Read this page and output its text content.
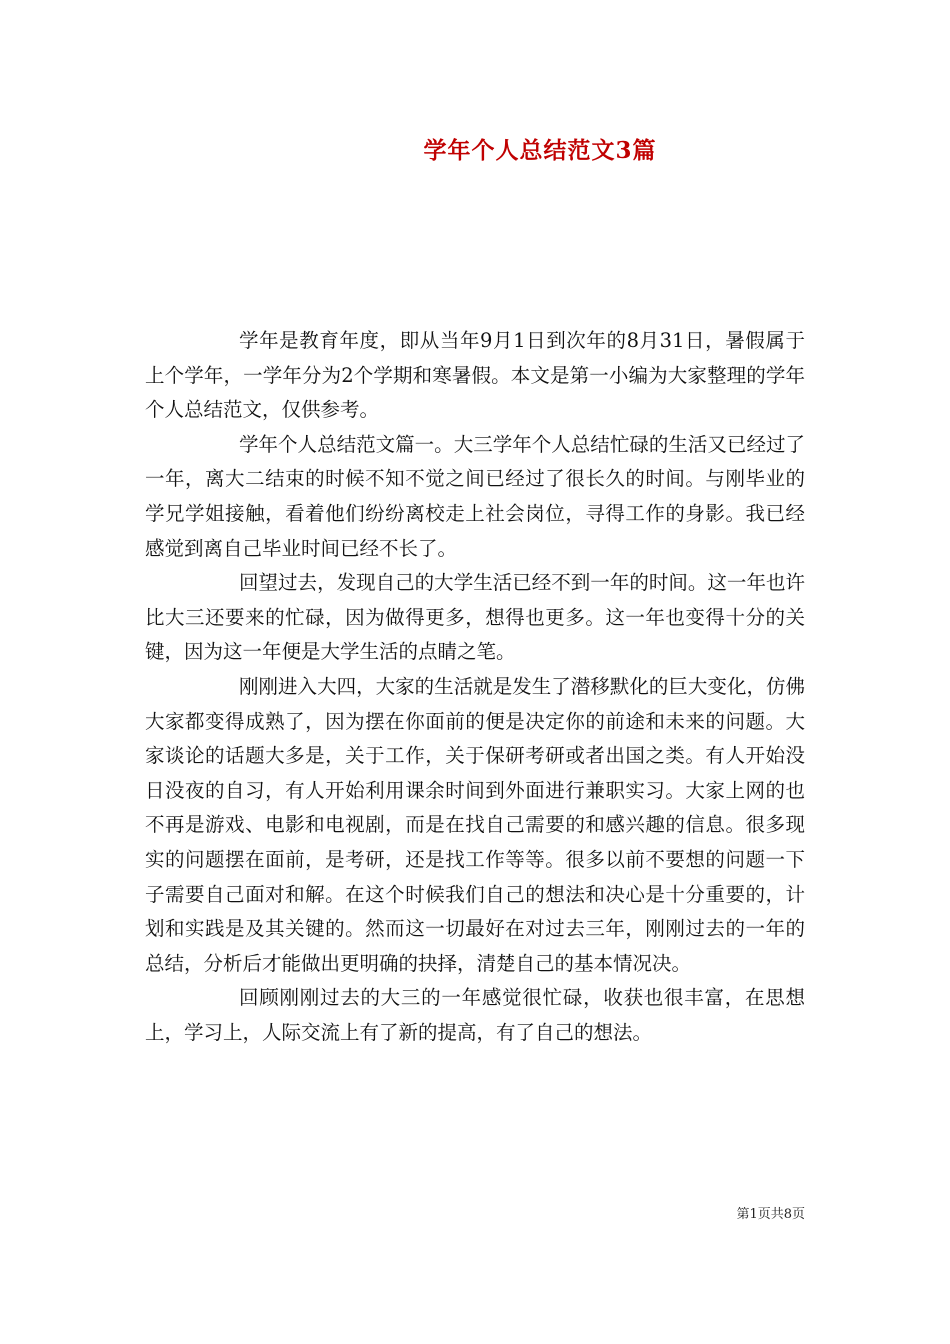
学年个人总结范文3篇

学年是教育年度，即从当年9月1日到次年的8月31日，暑假属于上个学年，一学年分为2个学期和寒暑假。本文是第一小编为大家整理的学年个人总结范文，仅供参考。

学年个人总结范文篇一。大三学年个人总结忙碌的生活又已经过了一年，离大二结束的时候不知不觉之间已经过了很长久的时间。与刚毕业的学兄学姐接触，看着他们纷纷离校走上社会岗位，寻得工作的身影。我已经感觉到离自己毕业时间已经不长了。

回望过去，发现自己的大学生活已经不到一年的时间。这一年也许比大三还要来的忙碌，因为做得更多，想得也更多。这一年也变得十分的关键，因为这一年便是大学生活的点睛之笔。

刚刚进入大四，大家的生活就是发生了潜移默化的巨大变化，仿佛大家都变得成熟了，因为摆在你面前的便是决定你的前途和未来的问题。大家谈论的话题大多是，关于工作，关于保研考研或者出国之类。有人开始没日没夜的自习，有人开始利用课余时间到外面进行兼职实习。大家上网的也不再是游戏、电影和电视剧，而是在找自己需要的和感兴趣的信息。很多现实的问题摆在面前，是考研，还是找工作等等。很多以前不要想的问题一下子需要自己面对和解。在这个时候我们自己的想法和决心是十分重要的，计划和实践是及其关键的。然而这一切最好在对过去三年，刚刚过去的一年的总结，分析后才能做出更明确的抉择，清楚自己的基本情况决。

回顾刚刚过去的大三的一年感觉很忙碌，收获也很丰富，在思想上，学习上，人际交流上有了新的提高，有了自己的想法。

第1页共8页
